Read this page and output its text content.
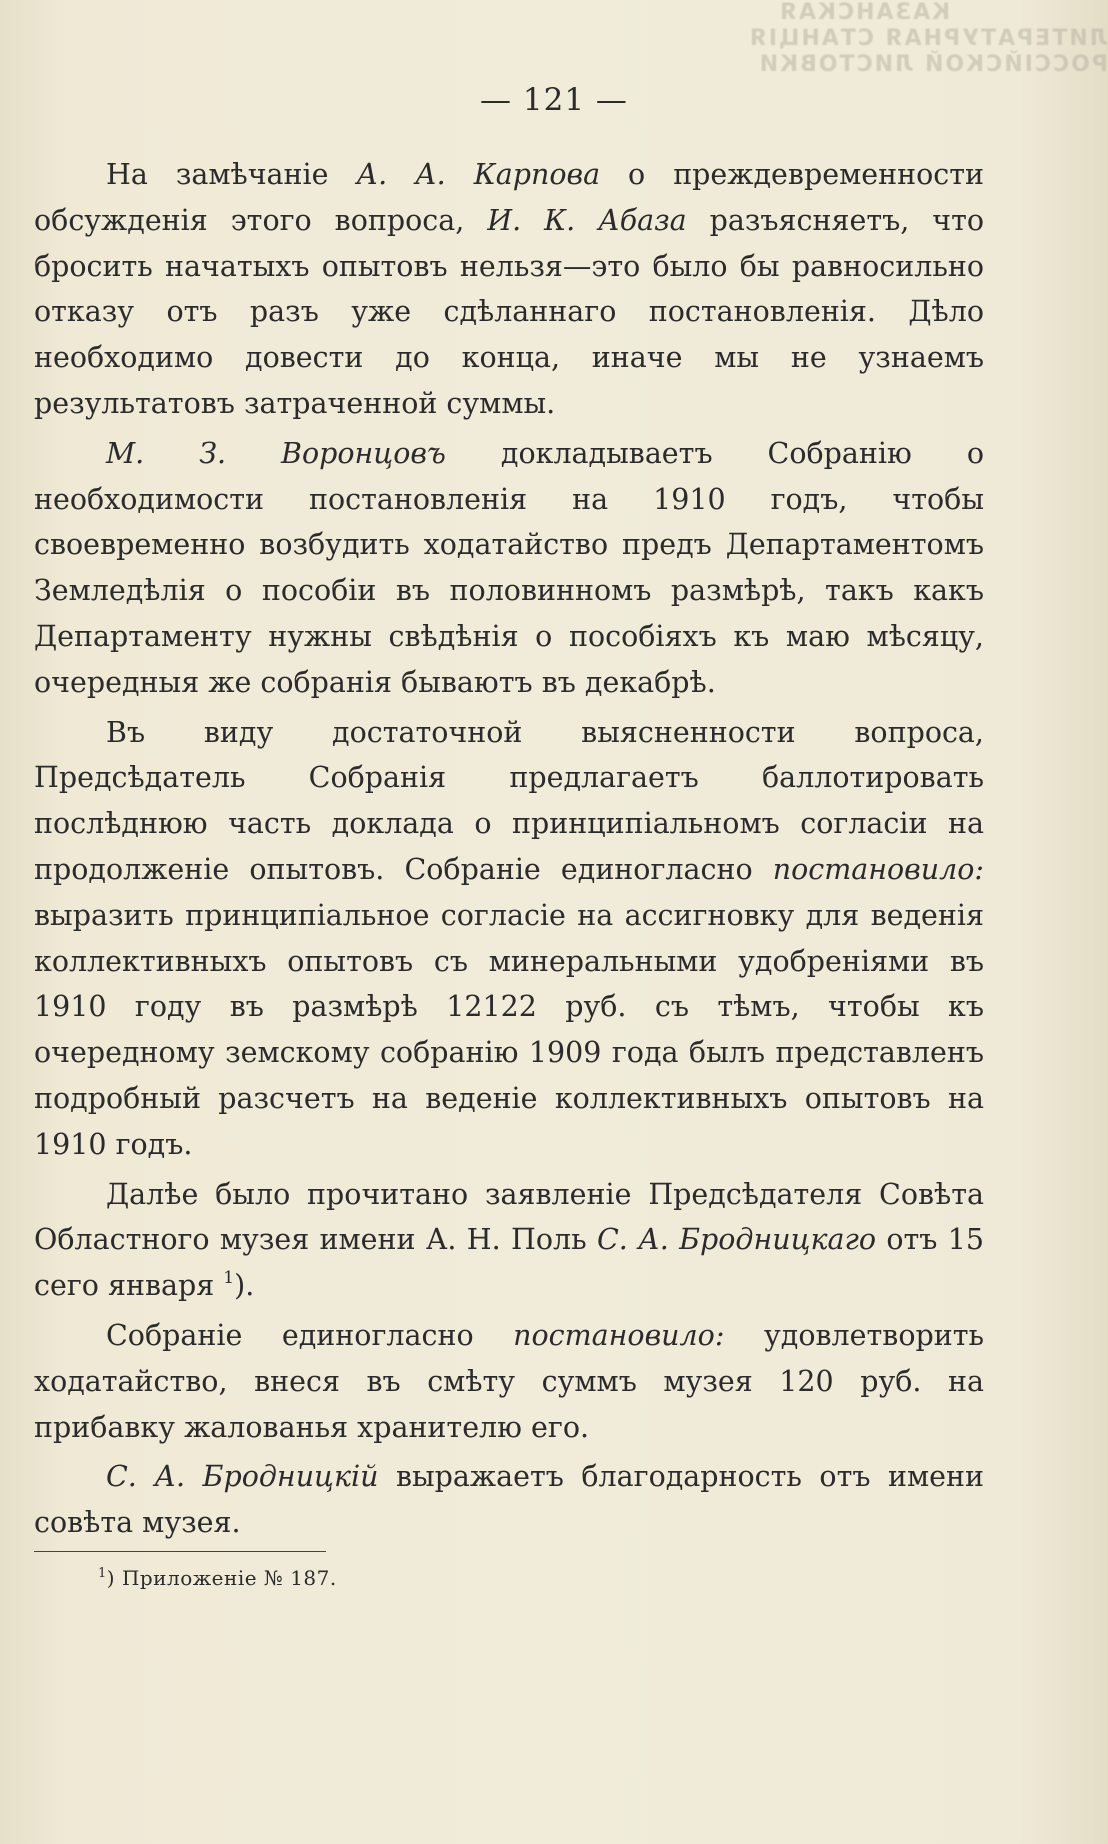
КАЗАНСКАЯ
ЛИТЕРАТУРНАЯ СТАНЦІЯ
РОССІЙСКОЙ ЛИСТОВКИ
— 121 —

На замѣчаніе А. А. Карпова о преждевременности обсужденія этого вопроса, И. К. Абаза разъясняетъ, что бросить начатыхъ опытовъ нельзя—это было бы равносильно отказу отъ разъ уже сдѣланнаго постановленія. Дѣло необходимо довести до конца, иначе мы не узнаемъ результатовъ затраченной суммы.

М. З. Воронцовъ докладываетъ Собранію о необходимости постановленія на 1910 годъ, чтобы своевременно возбудить ходатайство предъ Департаментомъ Земледѣлія о пособіи въ половинномъ размѣрѣ, такъ какъ Департаменту нужны свѣдѣнія о пособіяхъ къ маю мѣсяцу, очередныя же собранія бываютъ въ декабрѣ.

Въ виду достаточной выясненности вопроса, Предсѣдатель Собранія предлагаетъ баллотировать послѣднюю часть доклада о принципіальномъ согласіи на продолженіе опытовъ. Собраніе единогласно постановило: выразить принципіальное согласіе на ассигновку для веденія коллективныхъ опытовъ съ минеральными удобреніями въ 1910 году въ размѣрѣ 12122 руб. съ тѣмъ, чтобы къ очередному земскому собранію 1909 года былъ представленъ подробный разсчетъ на веденіе коллективныхъ опытовъ на 1910 годъ.

Далѣе было прочитано заявленіе Предсѣдателя Совѣта Областного музея имени А. Н. Поль С. А. Бродницкаго отъ 15 сего января $^1$).

Собраніе единогласно постановило: удовлетворить ходатайство, внеся въ смѣту суммъ музея 120 руб. на прибавку жалованья хранителю его.

С. А. Бродницкій выражаетъ благодарность отъ имени совѣта музея.

$^1$) Приложеніе № 187.
